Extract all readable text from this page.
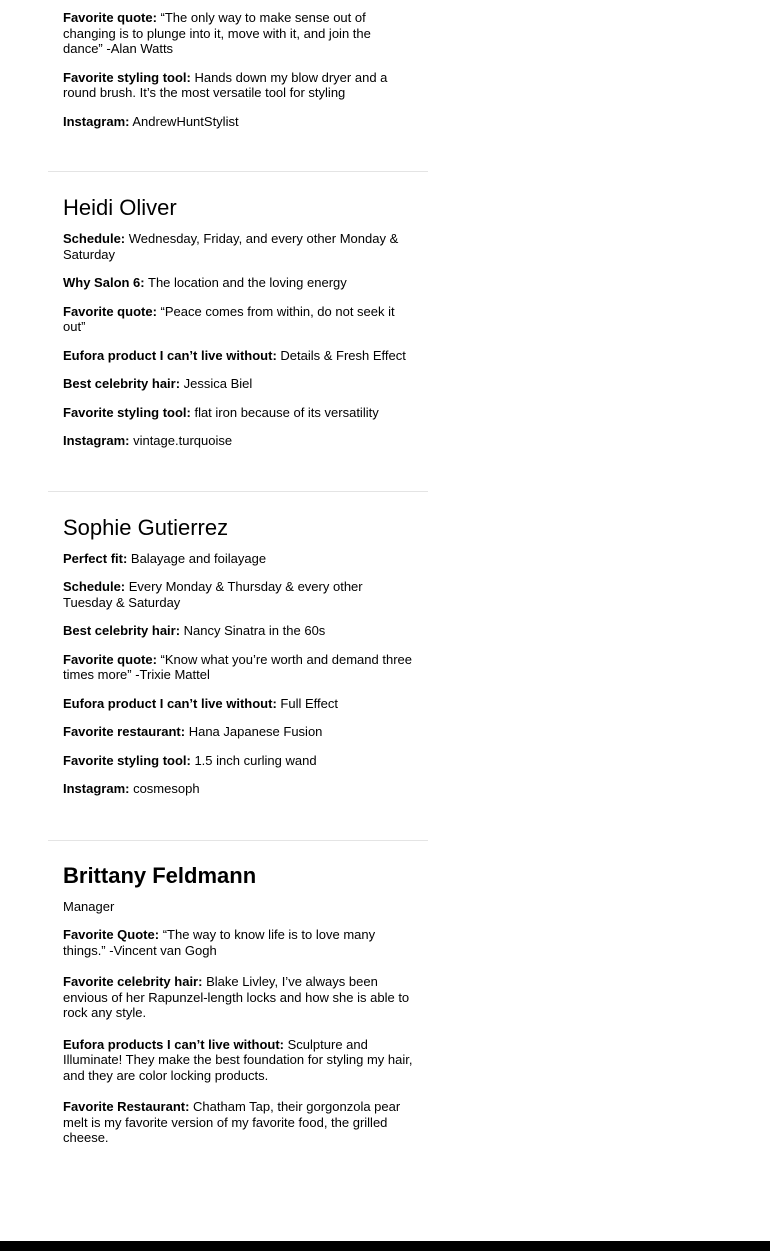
Favorite quote: “The only way to make sense out of changing is to plunge into it, move with it, and join the dance” -Alan Watts

Favorite styling tool: Hands down my blow dryer and a round brush. It’s the most versatile tool for styling

Instagram: AndrewHuntStylist

Heidi Oliver

Schedule: Wednesday, Friday, and every other Monday & Saturday

Why Salon 6: The location and the loving energy

Favorite quote: “Peace comes from within, do not seek it out”

Eufora product I can’t live without: Details & Fresh Effect

Best celebrity hair: Jessica Biel

Favorite styling tool: flat iron because of its versatility

Instagram: vintage.turquoise

Sophie Gutierrez

Perfect fit: Balayage and foilayage

Schedule: Every Monday & Thursday & every other Tuesday & Saturday

Best celebrity hair: Nancy Sinatra in the 60s

Favorite quote: “Know what you’re worth and demand three times more” -Trixie Mattel

Eufora product I can’t live without: Full Effect

Favorite restaurant: Hana Japanese Fusion

Favorite styling tool: 1.5 inch curling wand

Instagram: cosmesoph

Brittany Feldmann

Manager

Favorite Quote: “The way to know life is to love many things.” -Vincent van Gogh

Favorite celebrity hair: Blake Livley, I’ve always been envious of her Rapunzel-length locks and how she is able to rock any style.

Eufora products I can’t live without: Sculpture and Illuminate! They make the best foundation for styling my hair, and they are color locking products.

Favorite Restaurant: Chatham Tap, their gorgonzola pear melt is my favorite version of my favorite food, the grilled cheese.
